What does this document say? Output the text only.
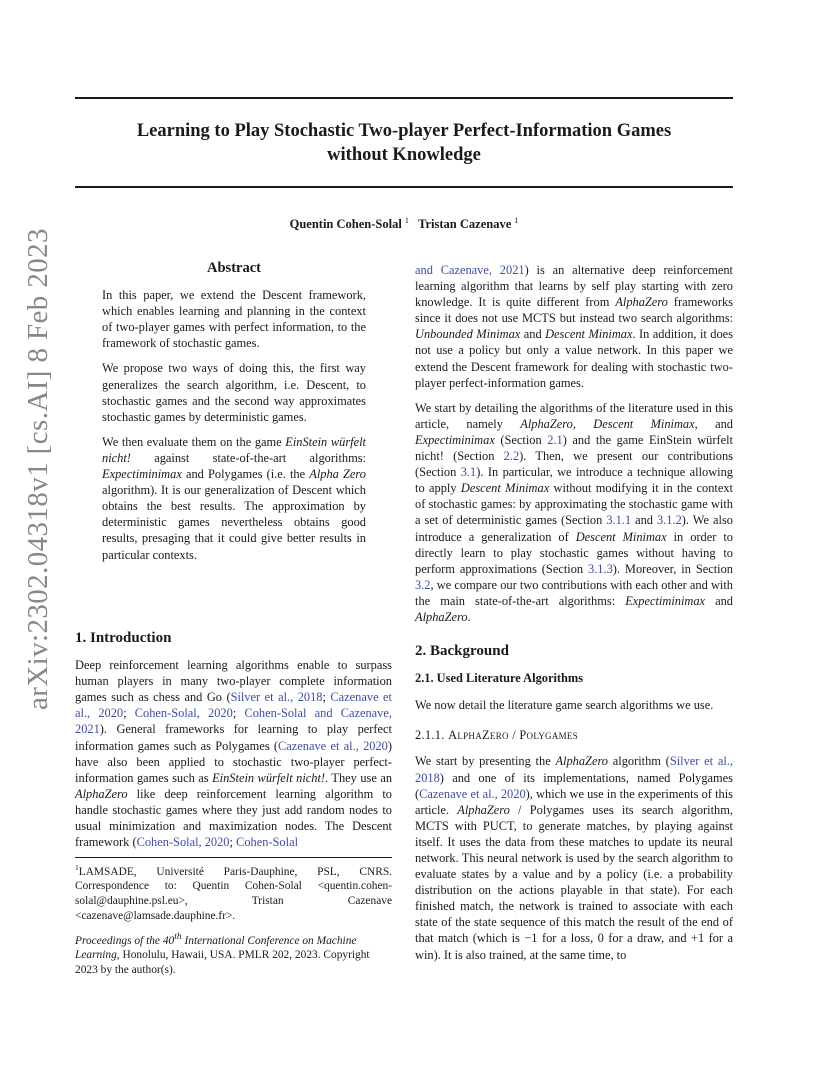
Learning to Play Stochastic Two-player Perfect-Information Games
without Knowledge
Quentin Cohen-Solal $^1$ Tristan Cazenave $^1$
arXiv:2302.04318v1 [cs.AI] 8 Feb 2023	Abstract

In this paper, we extend the Descent framework, which enables learning and planning in the context of two-player games with perfect information, to the framework of stochastic games.

We propose two ways of doing this, the first way generalizes the search algorithm, i.e. Descent, to stochastic games and the second way approximates stochastic games by deterministic games.

We then evaluate them on the game EinStein würfelt nicht! against state-of-the-art algorithms: Expectiminimax and Polygames (i.e. the Alpha Zero algorithm). It is our generalization of Descent which obtains the best results. The approximation by deterministic games nevertheless obtains good results, presaging that it could give better results in particular contexts.

1. Introduction

Deep reinforcement learning algorithms enable to surpass human players in many two-player complete information games such as chess and Go (Silver et al., 2018; Cazenave et al., 2020; Cohen-Solal, 2020; Cohen-Solal and Cazenave, 2021). General frameworks for learning to play perfect information games such as Polygames (Cazenave et al., 2020) have also been applied to stochastic two-player perfect-information games such as EinStein würfelt nicht!. They use an AlphaZero like deep reinforcement learning algorithm to handle stochastic games where they just add random nodes to usual minimization and maximization nodes. The Descent framework (Cohen-Solal, 2020; Cohen-Solal

$^1$LAMSADE, Université Paris-Dauphine, PSL, CNRS. Correspondence to: Quentin Cohen-Solal <quentin.cohen-solal@dauphine.psl.eu>, Tristan Cazenave <cazenave@lamsade.dauphine.fr>.
Proceedings of the 40th International Conference on Machine Learning, Honolulu, Hawaii, USA. PMLR 202, 2023. Copyright 2023 by the author(s).

and Cazenave, 2021) is an alternative deep reinforcement learning algorithm that learns by self play starting with zero knowledge. It is quite different from AlphaZero frameworks since it does not use MCTS but instead two search algorithms: Unbounded Minimax and Descent Minimax. In addition, it does not use a policy but only a value network. In this paper we extend the Descent framework for dealing with stochastic two-player perfect-information games.

We start by detailing the algorithms of the literature used in this article, namely AlphaZero, Descent Minimax, and Expectiminimax (Section 2.1) and the game EinStein würfelt nicht! (Section 2.2). Then, we present our contributions (Section 3.1). In particular, we introduce a technique allowing to apply Descent Minimax without modifying it in the context of stochastic games: by approximating the stochastic game with a set of deterministic games (Section 3.1.1 and 3.1.2). We also introduce a generalization of Descent Minimax in order to directly learn to play stochastic games without having to perform approximations (Section 3.1.3). Moreover, in Section 3.2, we compare our two contributions with each other and with the main state-of-the-art algorithms: Expectiminimax and AlphaZero.

2. Background
2.1. Used Literature Algorithms

We now detail the literature game search algorithms we use.

2.1.1. AlphaZero / Polygames

We start by presenting the AlphaZero algorithm (Silver et al., 2018) and one of its implementations, named Polygames (Cazenave et al., 2020), which we use in the experiments of this article. AlphaZero / Polygames uses its search algorithm, MCTS with PUCT, to generate matches, by playing against itself. It uses the data from these matches to update its neural network. This neural network is used by the search algorithm to evaluate states by a value and by a policy (i.e. a probability distribution on the actions playable in that state). For each finished match, the network is trained to associate with each state of the state sequence of this match the result of the end of that match (which is −1 for a loss, 0 for a draw, and +1 for a win). It is also trained, at the same time, to
